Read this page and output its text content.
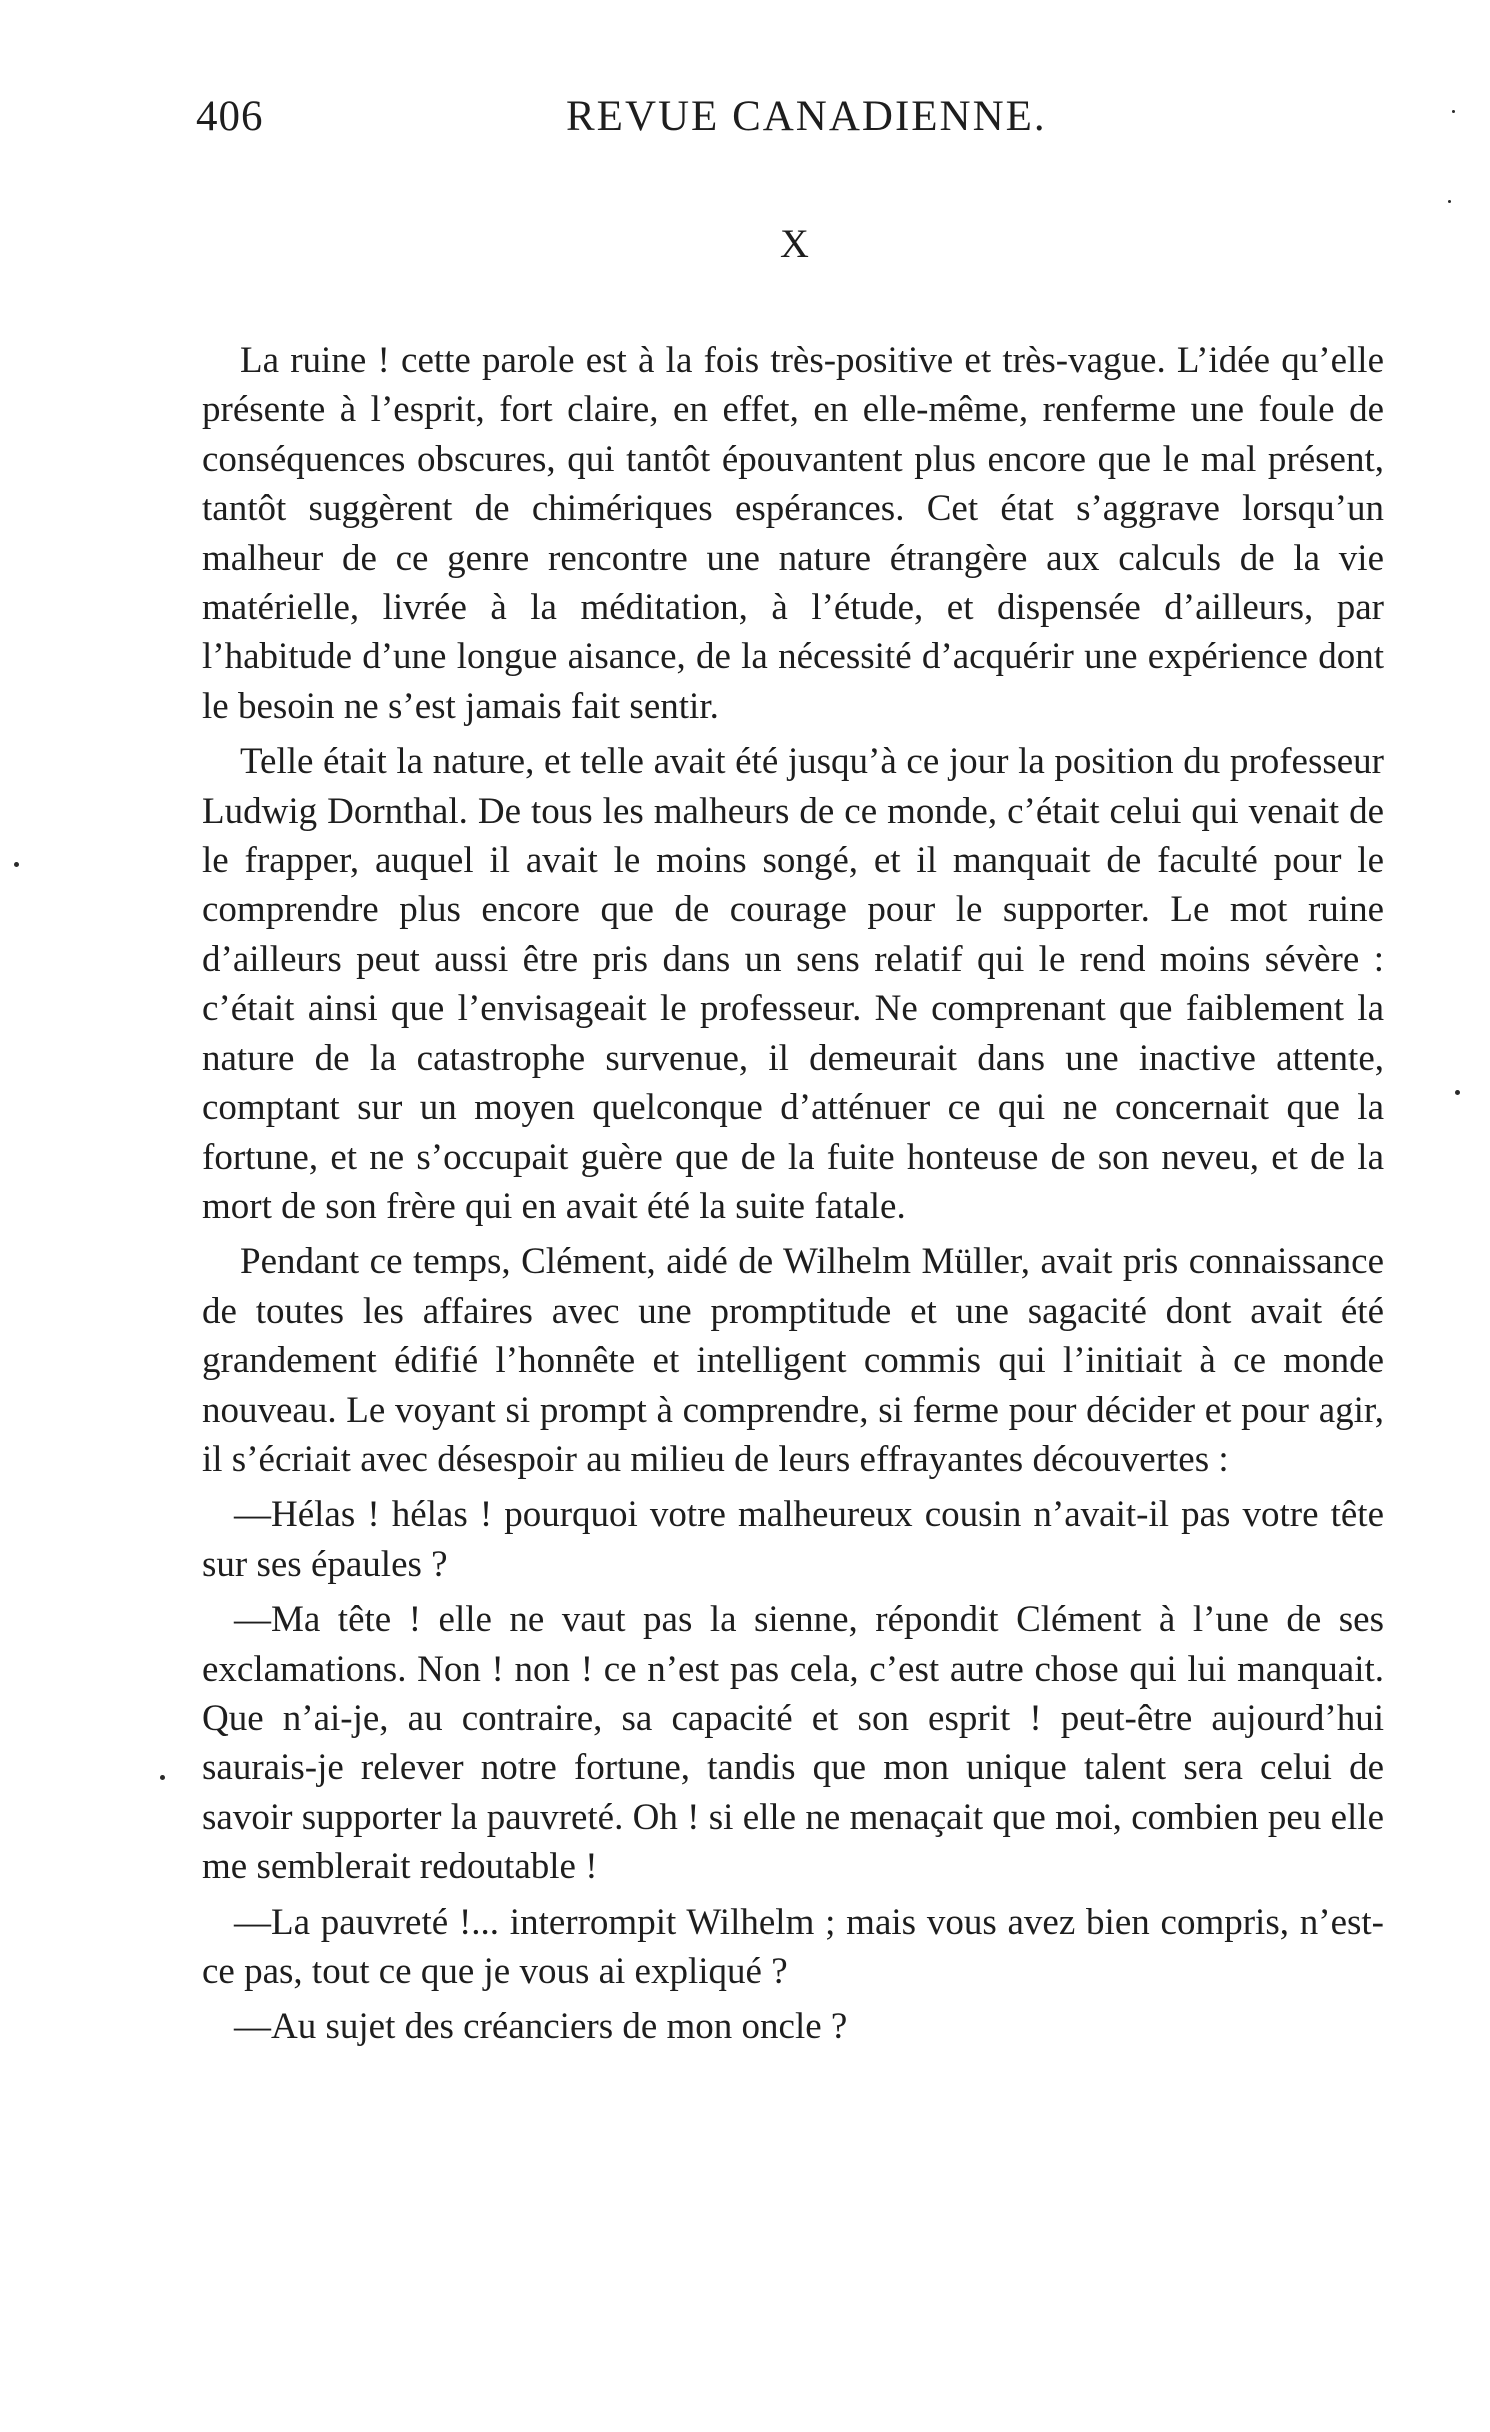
406	REVUE CANADIENNE.
X

La ruine ! cette parole est à la fois très-positive et très-vague. L’idée qu’elle présente à l’esprit, fort claire, en effet, en elle-même, renferme une foule de conséquences obscures, qui tantôt épouvantent plus encore que le mal présent, tantôt suggèrent de chimériques espérances. Cet état s’aggrave lorsqu’un malheur de ce genre rencontre une nature étrangère aux calculs de la vie matérielle, livrée à la méditation, à l’étude, et dispensée d’ailleurs, par l’habitude d’une longue aisance, de la nécessité d’acquérir une expérience dont le besoin ne s’est jamais fait sentir.

Telle était la nature, et telle avait été jusqu’à ce jour la position du professeur Ludwig Dornthal. De tous les malheurs de ce monde, c’était celui qui venait de le frapper, auquel il avait le moins songé, et il manquait de faculté pour le comprendre plus encore que de courage pour le supporter. Le mot ruine d’ailleurs peut aussi être pris dans un sens relatif qui le rend moins sévère : c’était ainsi que l’envisageait le professeur. Ne comprenant que faiblement la nature de la catastrophe survenue, il demeurait dans une inactive attente, comptant sur un moyen quelconque d’atténuer ce qui ne concernait que la fortune, et ne s’occupait guère que de la fuite honteuse de son neveu, et de la mort de son frère qui en avait été la suite fatale.

Pendant ce temps, Clément, aidé de Wilhelm Müller, avait pris connaissance de toutes les affaires avec une promptitude et une sagacité dont avait été grandement édifié l’honnête et intelligent commis qui l’initiait à ce monde nouveau. Le voyant si prompt à comprendre, si ferme pour décider et pour agir, il s’écriait avec désespoir au milieu de leurs effrayantes découvertes :

—Hélas ! hélas ! pourquoi votre malheureux cousin n’avait-il pas votre tête sur ses épaules ?

—Ma tête ! elle ne vaut pas la sienne, répondit Clément à l’une de ses exclamations. Non ! non ! ce n’est pas cela, c’est autre chose qui lui manquait. Que n’ai-je, au contraire, sa capacité et son esprit ! peut-être aujourd’hui saurais-je relever notre fortune, tandis que mon unique talent sera celui de savoir supporter la pauvreté. Oh ! si elle ne menaçait que moi, combien peu elle me semblerait redoutable !

—La pauvreté !... interrompit Wilhelm ; mais vous avez bien compris, n’est-ce pas, tout ce que je vous ai expliqué ?

—Au sujet des créanciers de mon oncle ?
